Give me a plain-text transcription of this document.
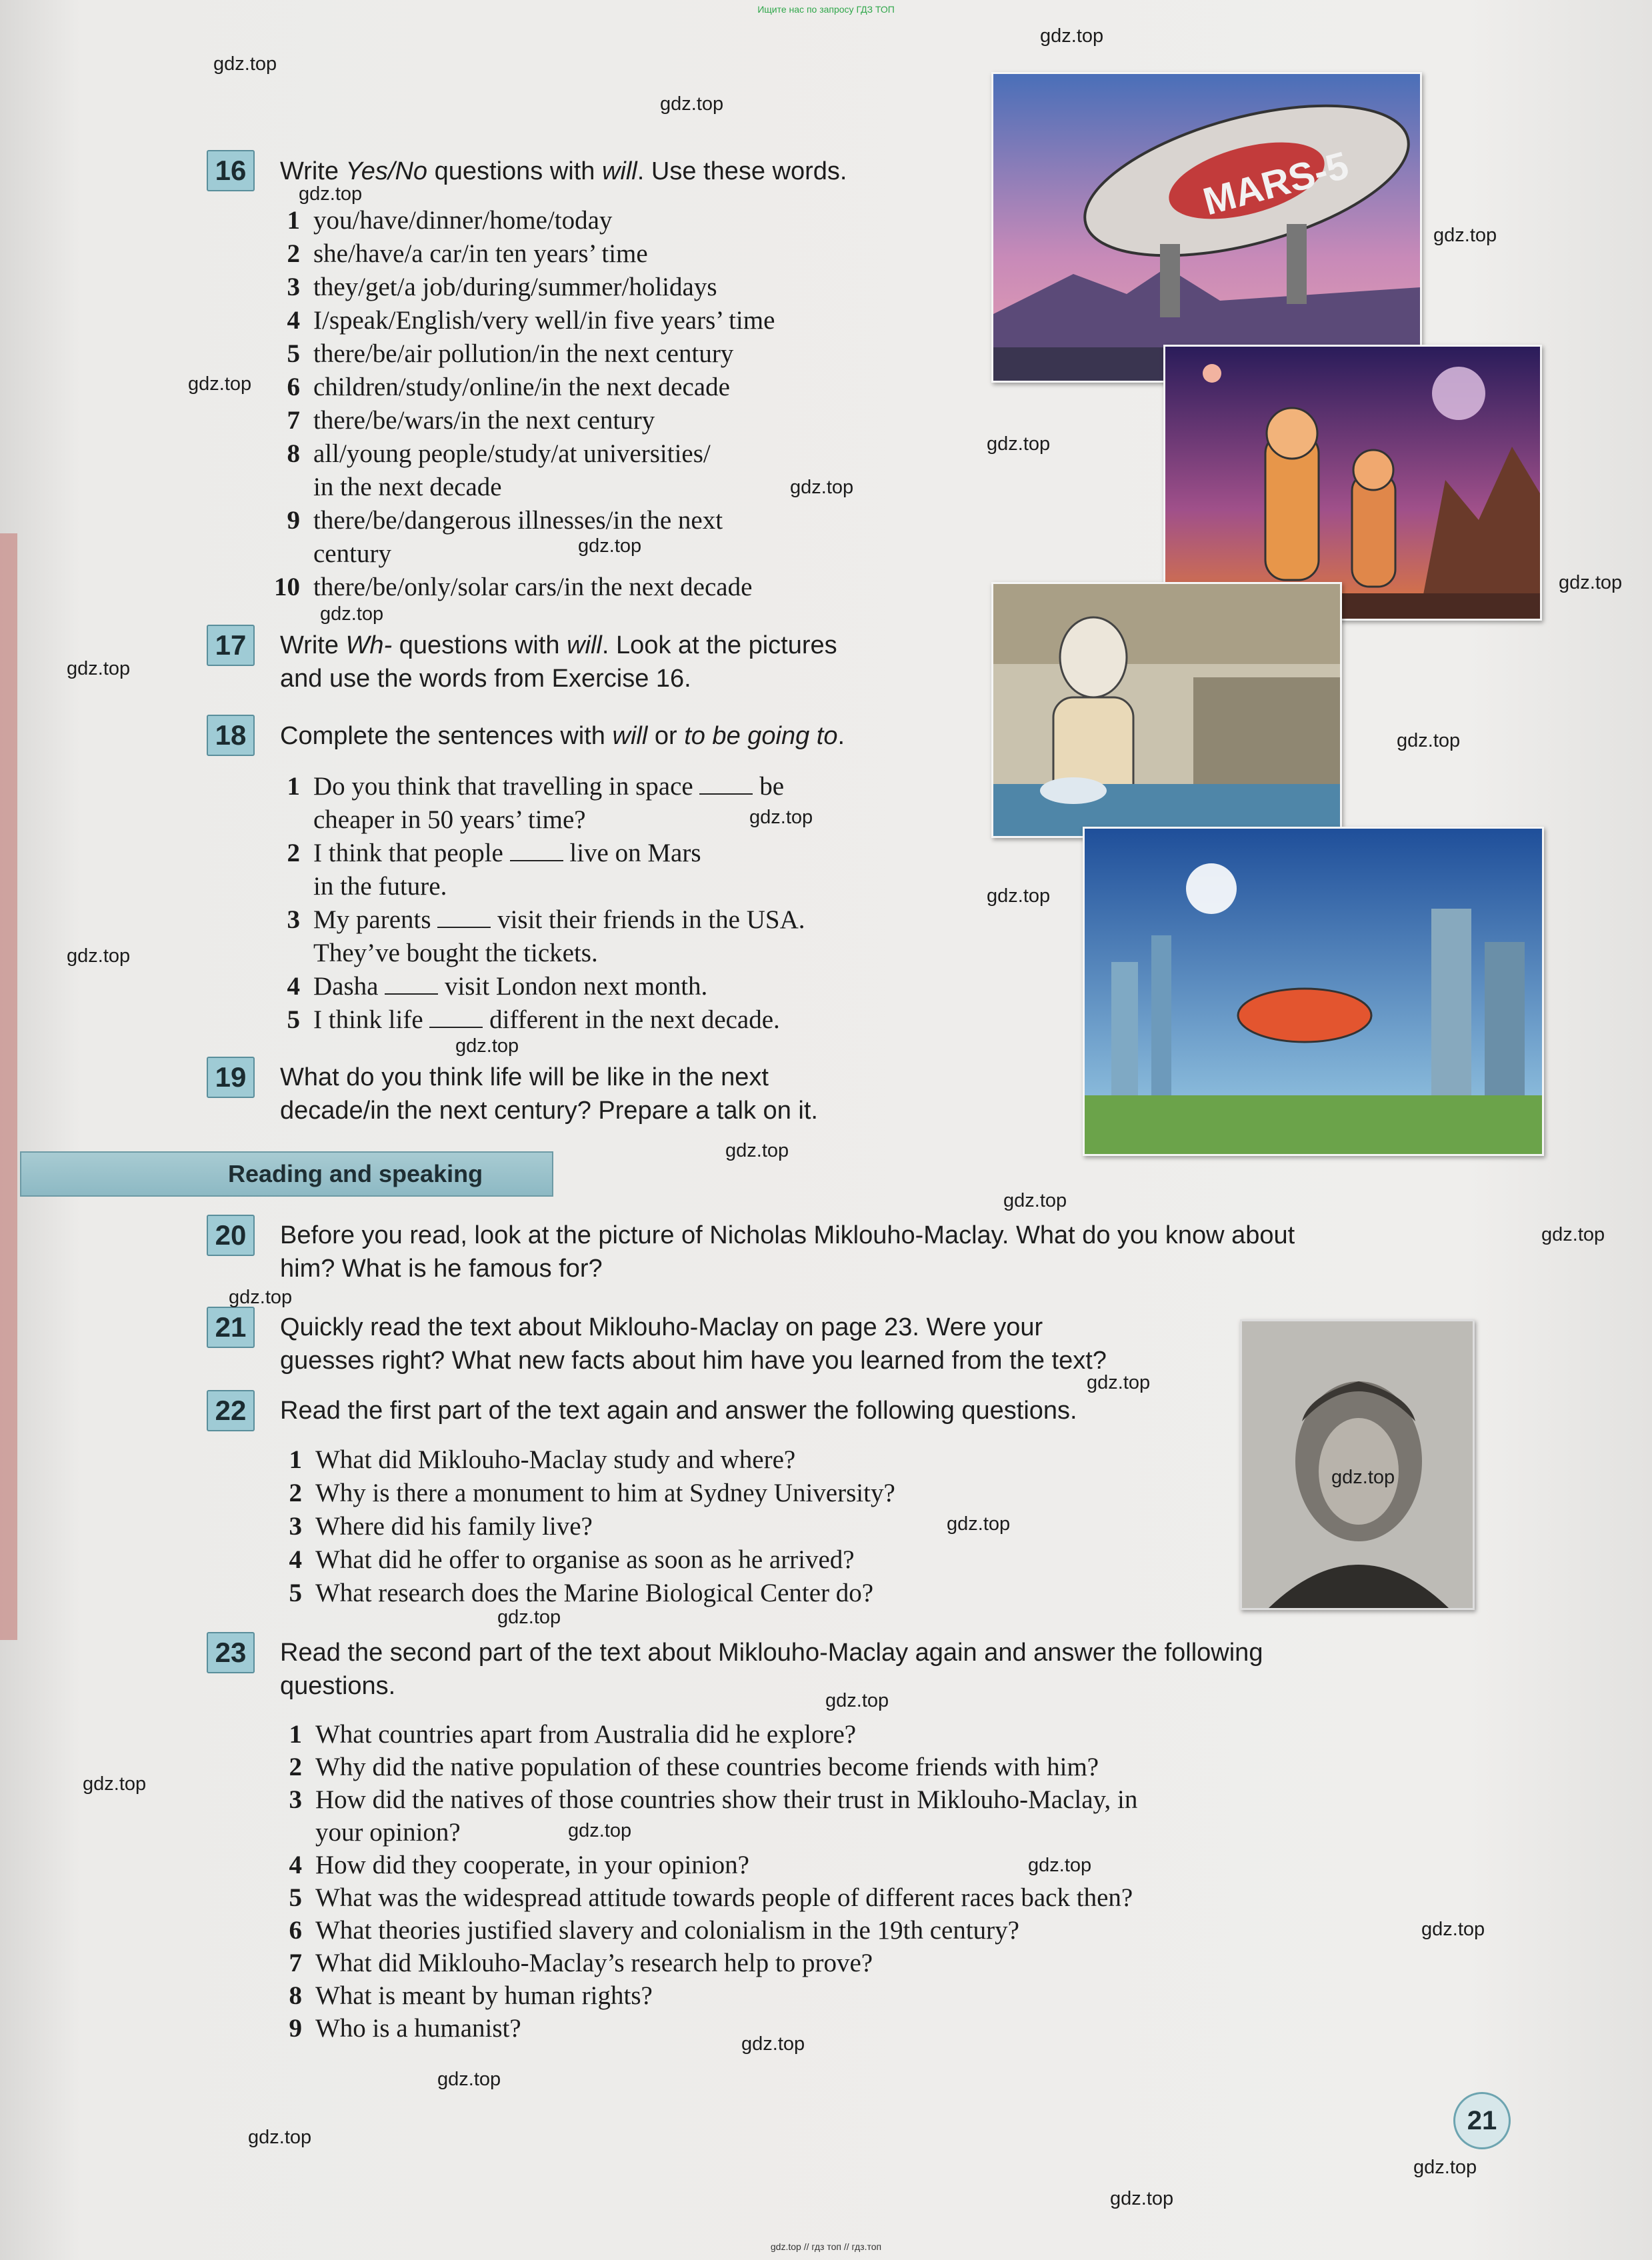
Ищите нас по запросу ГДЗ ТОП
16	Write Yes/No questions with will. Use these words.
1 you/have/dinner/home/today
2 she/have/a car/in ten years’ time
3 they/get/a job/during/summer/holidays
4 I/speak/English/very well/in five years’ time
5 there/be/air pollution/in the next century
6 children/study/online/in the next decade
7 there/be/wars/in the next century
8 all/young people/study/at universities/
in the next decade
9 there/be/dangerous illnesses/in the next
century
10 there/be/only/solar cars/in the next decade
17	Write Wh- questions with will. Look at the pictures
and use the words from Exercise 16.
18	Complete the sentences with will or to be going to.
1 Do you think that travelling in space  be
cheaper in 50 years’ time?
2 I think that people  live on Mars
in the future.
3 My parents  visit their friends in the USA.
They’ve bought the tickets.
4 Dasha  visit London next month.
5 I think life  different in the next decade.
19	What do you think life will be like in the next
decade/in the next century? Prepare a talk on it.
Reading and speaking
20	Before you read, look at the picture of Nicholas Miklouho-Maclay. What do you know about
him? What is he famous for?
21	Quickly read the text about Miklouho-Maclay on page 23. Were your
guesses right? What new facts about him have you learned from the text?
22	Read the first part of the text again and answer the following questions.
1 What did Miklouho-Maclay study and where?
2 Why is there a monument to him at Sydney University?
3 Where did his family live?
4 What did he offer to organise as soon as he arrived?
5 What research does the Marine Biological Center do?
23	Read the second part of the text about Miklouho-Maclay again and answer the following
questions.
1 What countries apart from Australia did he explore?
2 Why did the native population of these countries become friends with him?
3 How did the natives of those countries show their trust in Miklouho-Maclay, in
your opinion?
4 How did they cooperate, in your opinion?
5 What was the widespread attitude towards people of different races back then?
6 What theories justified slavery and colonialism in the 19th century?
7 What did Miklouho-Maclay’s research help to prove?
8 What is meant by human rights?
9 Who is a humanist?
MARS-5
21
gdz.top // гдз топ // гдз.топ
gdz.top
gdz.top
gdz.top
gdz.top
gdz.top
gdz.top
gdz.top
gdz.top
gdz.top
gdz.top
gdz.top
gdz.top
gdz.top
gdz.top
gdz.top
gdz.top
gdz.top
gdz.top
gdz.top
gdz.top
gdz.top
gdz.top
gdz.top
gdz.top
gdz.top
gdz.top
gdz.top
gdz.top
gdz.top
gdz.top
gdz.top
gdz.top
gdz.top
gdz.top
gdz.top
